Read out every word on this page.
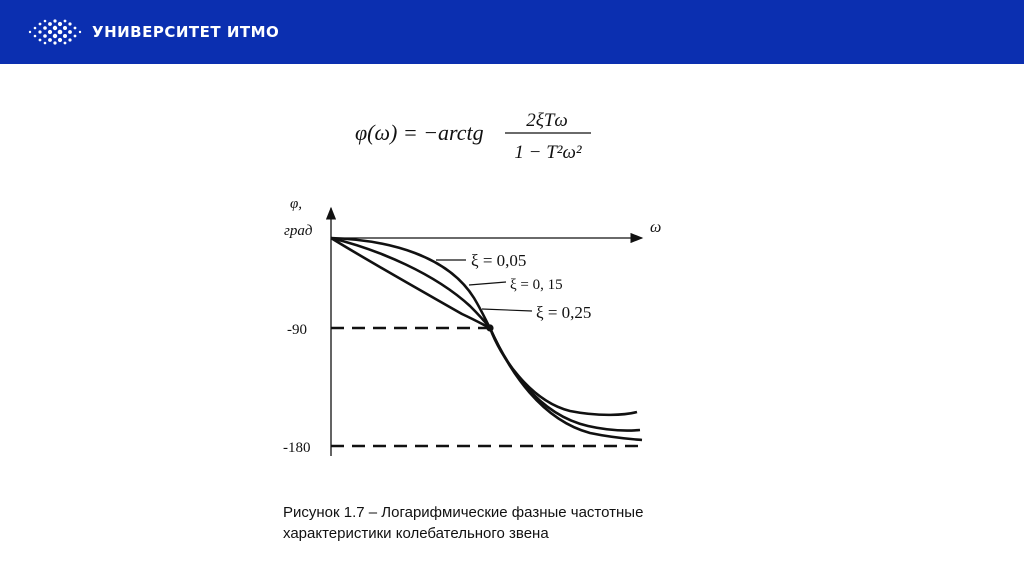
УНИВЕРСИТЕТ ИТМО
φ(ω) = −arctg 2ξTω
1 − T²ω²
φ,
град	ω
-90
-180
ξ = 0,05
ξ = 0, 15
ξ = 0,25
Рисунок 1.7 – Логарифмические фазные частотные
характеристики колебательного звена
